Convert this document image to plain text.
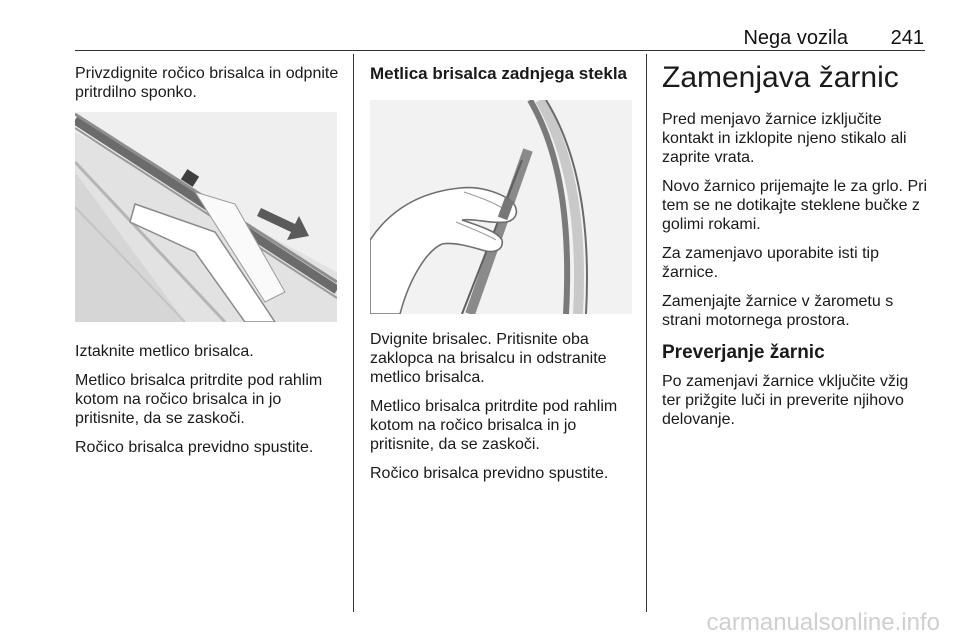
Nega vozila	241

Privzdignite ročico brisalca in odpnite pritrdilno sponko.

Iztaknite metlico brisalca.

Metlico brisalca pritrdite pod rahlim kotom na ročico brisalca in jo pritisnite, da se zaskoči.

Ročico brisalca previdno spustite.

Metlica brisalca zadnjega stekla

Dvignite brisalec. Pritisnite oba zaklopca na brisalcu in odstranite metlico brisalca.

Metlico brisalca pritrdite pod rahlim kotom na ročico brisalca in jo pritisnite, da se zaskoči.

Ročico brisalca previdno spustite.

Zamenjava žarnic

Pred menjavo žarnice izključite kontakt in izklopite njeno stikalo ali zaprite vrata.

Novo žarnico prijemajte le za grlo. Pri tem se ne dotikajte steklene bučke z golimi rokami.

Za zamenjavo uporabite isti tip žarnice.

Zamenjajte žarnice v žarometu s strani motornega prostora.

Preverjanje žarnic

Po zamenjavi žarnice vključite vžig ter prižgite luči in preverite njihovo delovanje.

carmanualsonline.info
